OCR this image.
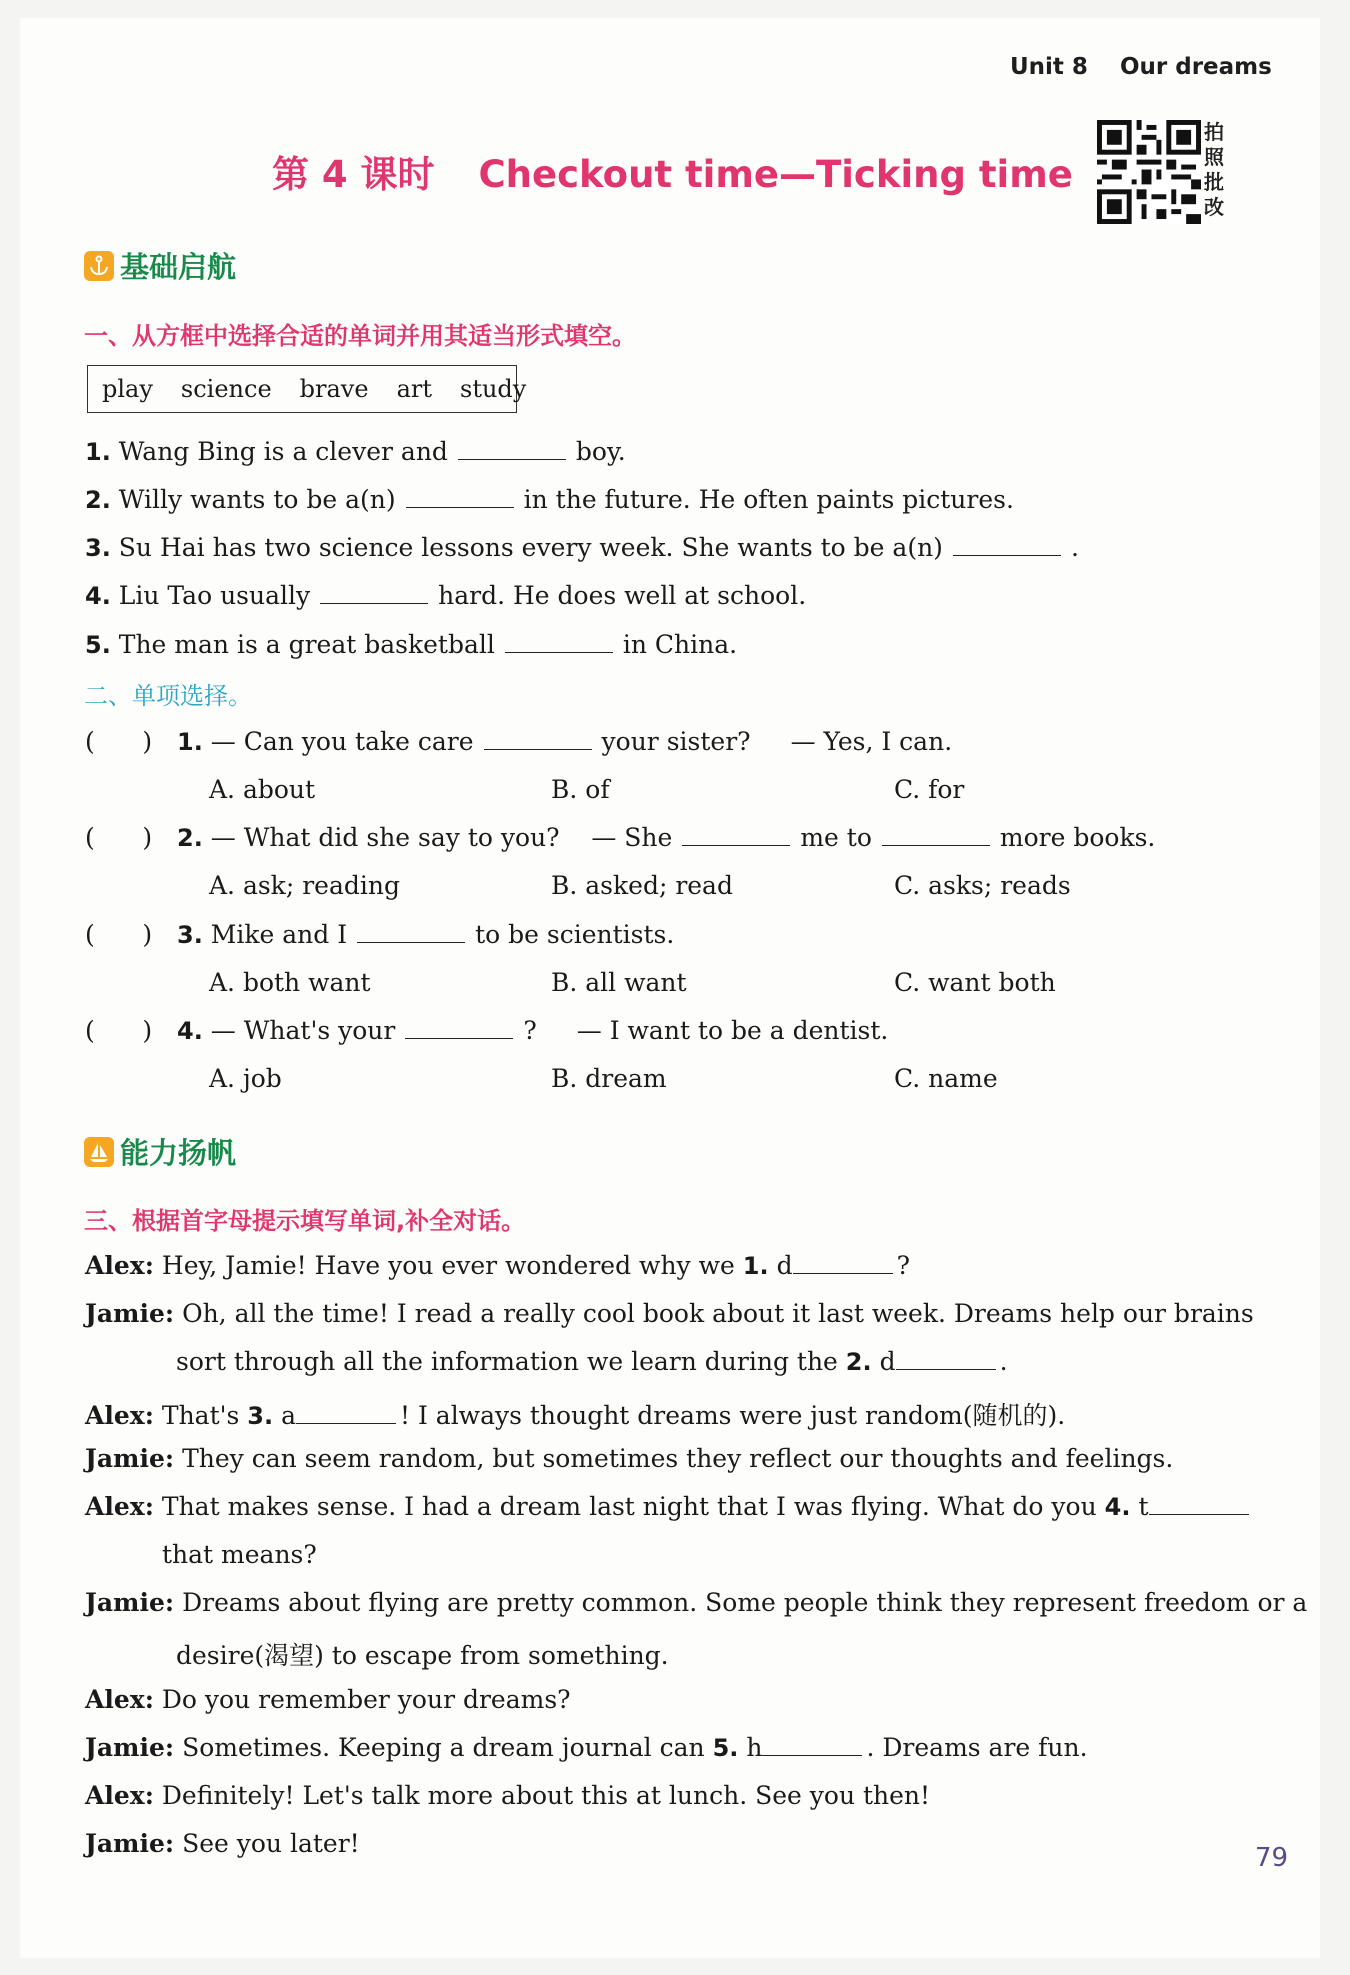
Unit 8    Our dreams
第 4 课时 Checkout time—Ticking time
拍
照
批
改
基础启航
一、从方框中选择合适的单词并用其适当形式填空。
play science brave art study
1. Wang Bing is a clever and	boy.
2. Willy wants to be a(n)	in the future. He often paints pictures.
3. Su Hai has two science lessons every week. She wants to be a(n)	.
4. Liu Tao usually	hard. He does well at school.
5. The man is a great basketball	in China.
二、单项选择。
(      ) 1. — Can you take care	your sister? — Yes, I can.
A. about	B. of	C. for
(      ) 2. — What did she say to you?    — She	me to	more books.
A. ask; reading	B. asked; read	C. asks; reads
(      ) 3. Mike and I	to be scientists.
A. both want	B. all want	C. want both
(      ) 4. — What's your	? — I want to be a dentist.
A. job	B. dream	C. name
能力扬帆
三、根据首字母提示填写单词,补全对话。
Alex: Hey, Jamie! Have you ever wondered why we 1. d	?
Jamie: Oh, all the time! I read a really cool book about it last week. Dreams help our brains
sort through all the information we learn during the 2. d	.
Alex: That's 3. a	! I always thought dreams were just random(随机的).
Jamie: They can seem random, but sometimes they reflect our thoughts and feelings.
Alex: That makes sense. I had a dream last night that I was flying. What do you 4. t
that means?
Jamie: Dreams about flying are pretty common. Some people think they represent freedom or a
desire(渴望) to escape from something.
Alex: Do you remember your dreams?
Jamie: Sometimes. Keeping a dream journal can 5. h	. Dreams are fun.
Alex: Definitely! Let's talk more about this at lunch. See you then!
Jamie: See you later!	79
